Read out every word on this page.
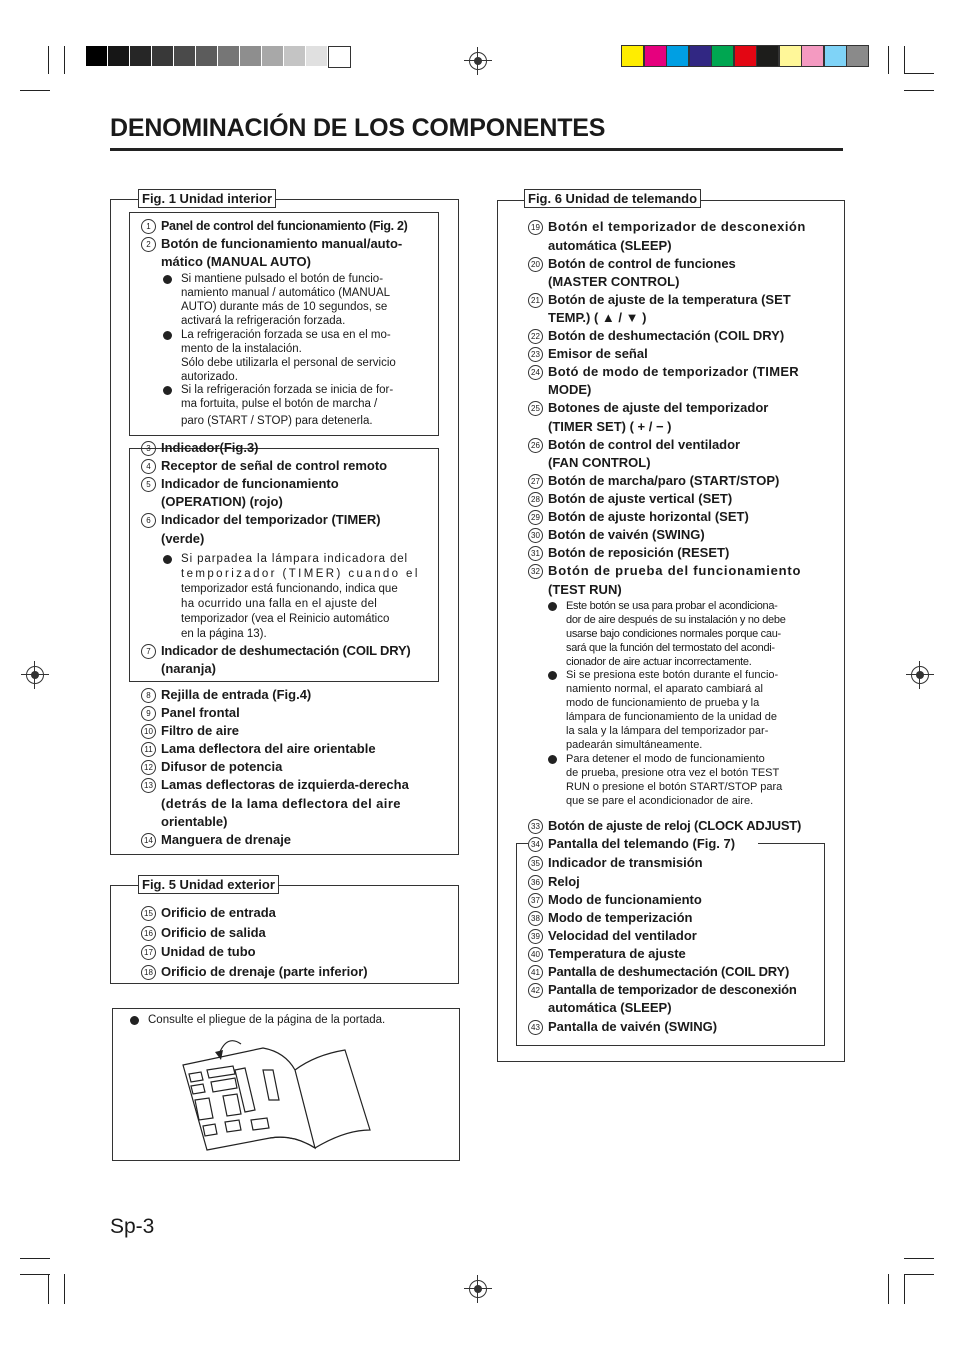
DENOMINACIÓN DE LOS COMPONENTES
Fig. 1 Unidad interior
1 Panel de control del funcionamiento (Fig. 2)
2 Botón de funcionamiento manual/auto-
mático (MANUAL AUTO)
Si mantiene pulsado el botón de funcio-
namiento manual / automático (MANUAL
AUTO) durante más de 10 segundos, se
activará la refrigeración forzada.
La refrigeración forzada se usa en el mo-
mento de la instalación.
Sólo debe utilizarla el personal de servicio
autorizado.
Si la refrigeración forzada se inicia de for-
ma fortuita, pulse el botón de marcha /
paro (START / STOP) para detenerla.
3 Indicador(Fig.3)
4 Receptor de señal de control remoto
5 Indicador de funcionamiento
(OPERATION) (rojo)
6 Indicador del temporizador (TIMER)
(verde)
Si parpadea la lámpara indicadora del
temporizador (TIMER) cuando el
temporizador está funcionando, indica que
ha ocurrido una falla en el ajuste del
temporizador (vea el Reinicio automático
en la página 13).
7 Indicador de deshumectación (COIL DRY)
(naranja)
8 Rejilla de entrada (Fig.4)
9 Panel frontal
10 Filtro de aire
11 Lama deflectora del aire orientable
12 Difusor de potencia
13 Lamas deflectoras de izquierda-derecha
(detrás de la lama deflectora del aire
orientable)
14 Manguera de drenaje
Fig. 5 Unidad exterior
15 Orificio de entrada
16 Orificio de salida
17 Unidad de tubo
18 Orificio de drenaje (parte inferior)
Consulte el pliegue de la página de la portada.
Fig. 6 Unidad de telemando
19 Botón el temporizador de desconexión
automática (SLEEP)
20 Botón de control de funciones
(MASTER CONTROL)
21 Botón de ajuste de la temperatura (SET
TEMP.) ( ▲ / ▼ )
22 Botón de deshumectación (COIL DRY)
23 Emisor de señal
24 Botó de modo de temporizador (TIMER
MODE)
25 Botones de ajuste del temporizador
(TIMER SET) ( + / − )
26 Botón de control del ventilador
(FAN CONTROL)
27 Botón de marcha/paro (START/STOP)
28 Botón de ajuste vertical (SET)
29 Botón de ajuste horizontal (SET)
30 Botón de vaivén (SWING)
31 Botón de reposición (RESET)
32 Botón de prueba del funcionamiento
(TEST RUN)
Este botón se usa para probar el acondiciona-
dor de aire después de su instalación y no debe
usarse bajo condiciones normales porque cau-
sará que la función del termostato del acondi-
cionador de aire actuar incorrectamente.
Si se presiona este botón durante el funcio-
namiento normal, el aparato cambiará al
modo de funcionamiento de prueba y la
lámpara de funcionamiento de la unidad de
la sala y la lámpara del temporizador par-
padearán simultáneamente.
Para detener el modo de funcionamiento
de prueba, presione otra vez el botón TEST
RUN o presione el botón START/STOP para
que se pare el acondicionador de aire.
33 Botón de ajuste de reloj (CLOCK ADJUST)
34 Pantalla del telemando (Fig. 7)
35 Indicador de transmisión
36 Reloj
37 Modo de funcionamiento
38 Modo de temperización
39 Velocidad del ventilador
40 Temperatura de ajuste
41 Pantalla de deshumectación (COIL DRY)
42 Pantalla de temporizador de desconexión
automática (SLEEP)
43 Pantalla de vaivén (SWING)
Sp-3
